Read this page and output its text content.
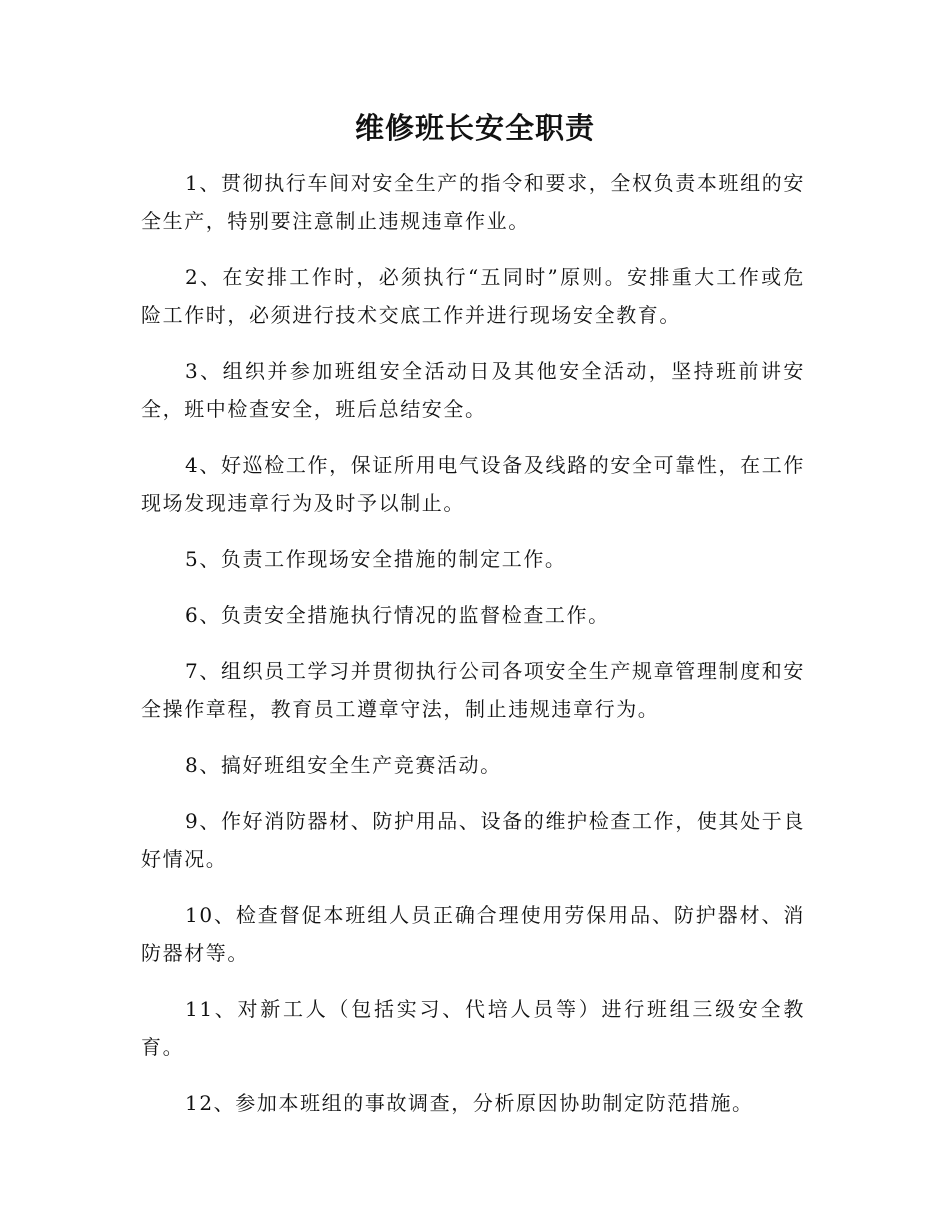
维修班长安全职责

1、贯彻执行车间对安全生产的指令和要求，全权负责本班组的安全生产，特别要注意制止违规违章作业。

2、在安排工作时，必须执行“五同时”原则。安排重大工作或危险工作时，必须进行技术交底工作并进行现场安全教育。

3、组织并参加班组安全活动日及其他安全活动，坚持班前讲安全，班中检查安全，班后总结安全。

4、好巡检工作，保证所用电气设备及线路的安全可靠性，在工作现场发现违章行为及时予以制止。

5、负责工作现场安全措施的制定工作。

6、负责安全措施执行情况的监督检查工作。

7、组织员工学习并贯彻执行公司各项安全生产规章管理制度和安全操作章程，教育员工遵章守法，制止违规违章行为。

8、搞好班组安全生产竞赛活动。

9、作好消防器材、防护用品、设备的维护检查工作，使其处于良好情况。

10、检查督促本班组人员正确合理使用劳保用品、防护器材、消防器材等。

11、对新工人（包括实习、代培人员等）进行班组三级安全教育。

12、参加本班组的事故调查，分析原因协助制定防范措施。
